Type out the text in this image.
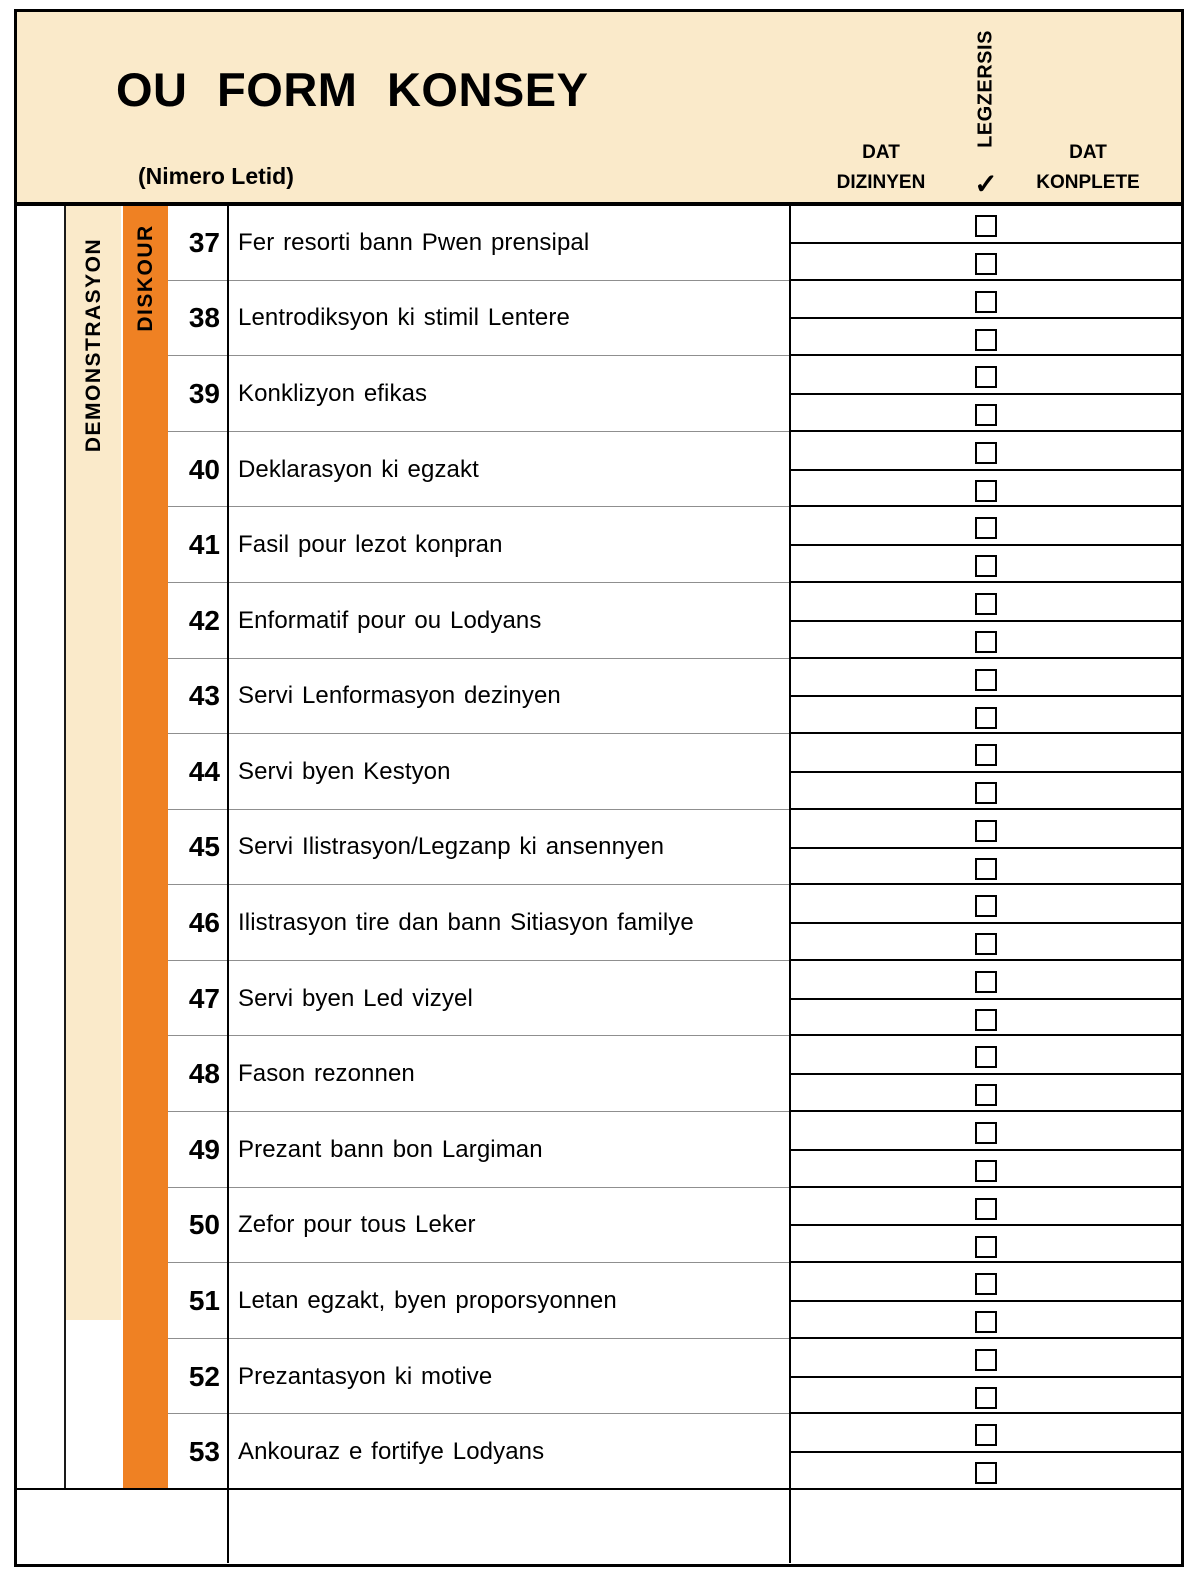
OU FORM KONSEY
(Nimero Letid)
DAT DIZINYEN
LEGZERSIS
✓
DAT KONPLETE
DEMONSTRASYON DISKOUR	37 Fer resorti bann Pwen prensipal
38 Lentrodiksyon ki stimil Lentere
39 Konklizyon efikas
40 Deklarasyon ki egzakt
41 Fasil pour lezot konpran
42 Enformatif pour ou Lodyans
43 Servi Lenformasyon dezinyen
44 Servi byen Kestyon
45 Servi Ilistrasyon/Legzanp ki ansennyen
46 Ilistrasyon tire dan bann Sitiasyon familye
47 Servi byen Led vizyel
48 Fason rezonnen
49 Prezant bann bon Largiman
50 Zefor pour tous Leker
51 Letan egzakt, byen proporsyonnen
52 Prezantasyon ki motive
53 Ankouraz e fortifye Lodyans
